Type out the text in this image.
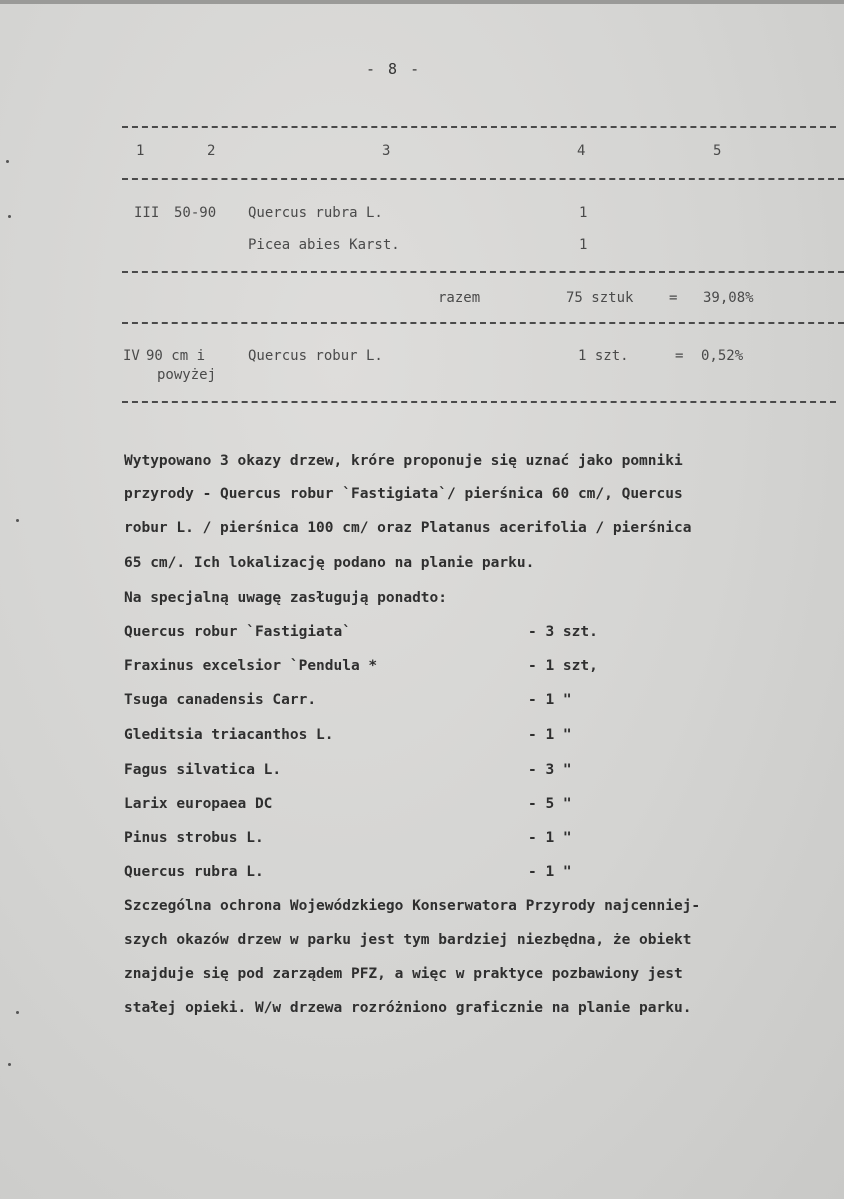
- 8 -
1	2	3	4	5
III 50-90 Quercus rubra L.	1
Picea abies Karst.	1
razem	75 sztuk	= 39,08%
IV 90 cm i
powyżej
Quercus robur L.	1 szt.	= 0,52%
Wytypowano 3 okazy drzew, króre proponuje się uznać jako pomniki
przyrody - Quercus robur `Fastigiata`/ pierśnica 60 cm/, Quercus
robur L. / pierśnica 100 cm/ oraz Platanus acerifolia / pierśnica
65 cm/. Ich lokalizację podano na planie parku.
Na specjalną uwagę zasługują ponadto:
Quercus robur `Fastigiata`	- 3 szt.
Fraxinus excelsior `Pendula *	- 1 szt,
Tsuga canadensis Carr.	- 1 "
Gleditsia triacanthos L.	- 1 "
Fagus silvatica L.	- 3 "
Larix europaea DC	- 5 "
Pinus strobus L.	- 1 "
Quercus rubra L.	- 1 "
Szczególna ochrona Wojewódzkiego Konserwatora Przyrody najcenniej-
szych okazów drzew w parku jest tym bardziej niezbędna, że obiekt
znajduje się pod zarządem PFZ, a więc w praktyce pozbawiony jest
stałej opieki. W/w drzewa rozróżniono graficznie na planie parku.
